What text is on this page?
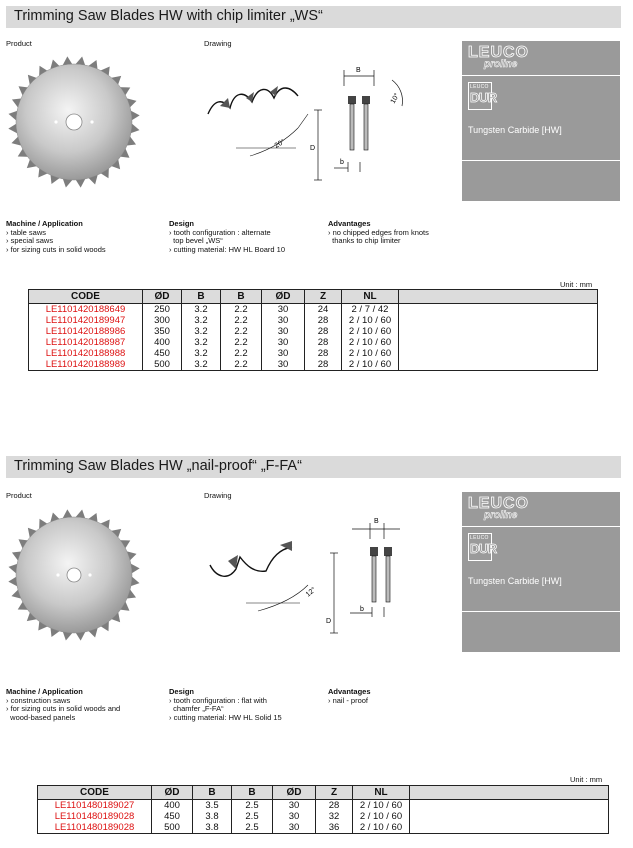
Trimming Saw Blades HW with chip limiter „WS“
Product	Drawing
20°	D
B
b
10°
LEUCO
proline
LEUCO
DUR
Tungsten Carbide [HW]
Machine / Application
› table saws
› special saws
› for sizing cuts in solid woods
Design
› tooth configuration : alternate
top bevel „WS“
› cutting material: HW HL Board 10
Advantages
› no chipped edges from knots
thanks to chip limiter
Unit : mm
CODE	ØD	B	B	ØD	Z	NL	
LE1101420188649	250	3.2	2.2	30	24	2 / 7 / 42	
LE1101420189947	300	3.2	2.2	30	28	2 / 10 / 60	
LE1101420188986	350	3.2	2.2	30	28	2 / 10 / 60	
LE1101420188987	400	3.2	2.2	30	28	2 / 10 / 60	
LE1101420188988	450	3.2	2.2	30	28	2 / 10 / 60	
LE1101420188989	500	3.2	2.2	30	28	2 / 10 / 60	
Trimming Saw Blades HW „nail-proof“ „F-FA“
Product	Drawing
12°
D
B
b
LEUCO
proline
LEUCO
DUR
Tungsten Carbide [HW]
Machine / Application
› construction saws
› for sizing cuts in solid woods and
wood-based panels
Design
› tooth configuration : flat with
chamfer „F-FA“
› cutting material: HW HL Solid 15
Advantages
› nail - proof
Unit : mm
CODE	ØD	B	B	ØD	Z	NL	
LE1101480189027	400	3.5	2.5	30	28	2 / 10 / 60	
LE1101480189028	450	3.8	2.5	30	32	2 / 10 / 60	
LE1101480189028	500	3.8	2.5	30	36	2 / 10 / 60	
